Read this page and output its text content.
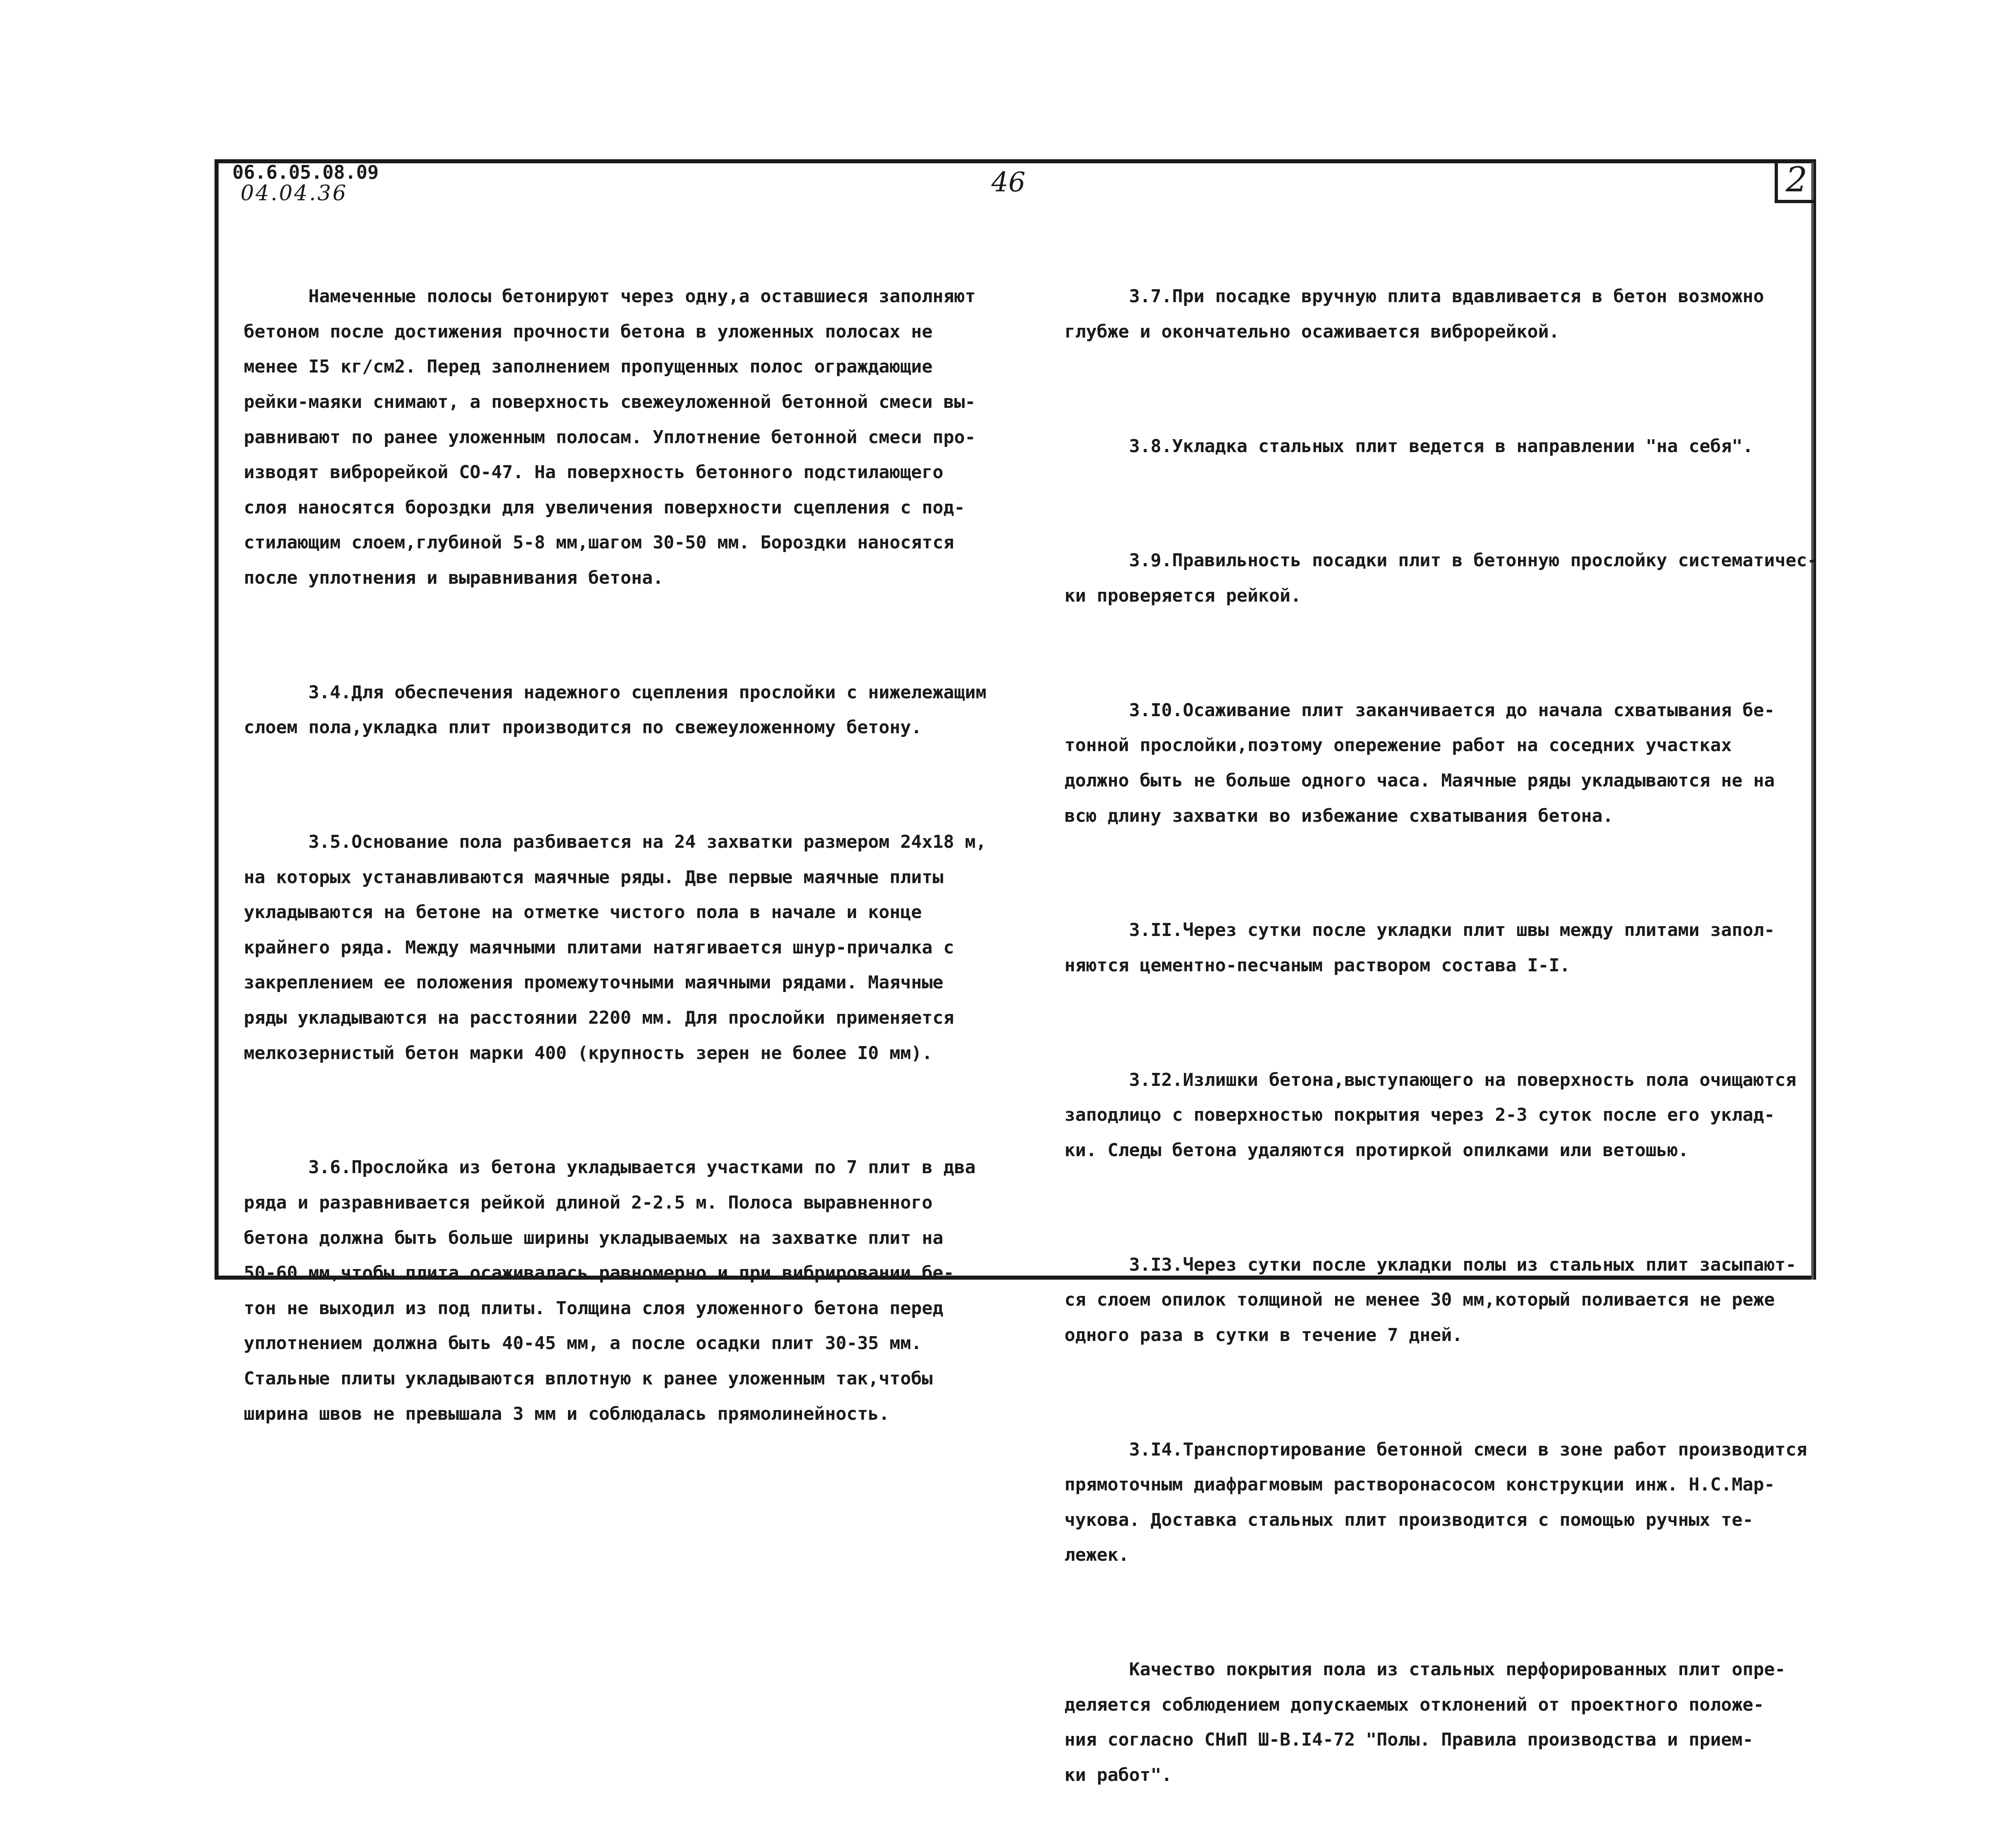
06.6.05.08.09
04.04.36	46	2

Намеченные полосы бетонируют через одну,а оставшиеся заполняют
бетоном после достижения прочности бетона в уложенных полосах не
менее I5 кг/см2. Перед заполнением пропущенных полос ограждающие
рейки-маяки снимают, а поверхность свежеуложенной бетонной смеси вы-
равнивают по ранее уложенным полосам. Уплотнение бетонной смеси про-
изводят виброрейкой СО-47. На поверхность бетонного подстилающего
слоя наносятся бороздки для увеличения поверхности сцепления с под-
стилающим слоем,глубиной 5-8 мм,шагом 30-50 мм. Бороздки наносятся
после уплотнения и выравнивания бетона.

3.4.Для обеспечения надежного сцепления прослойки с нижележащим
слоем пола,укладка плит производится по свежеуложенному бетону.

3.5.Основание пола разбивается на 24 захватки размером 24х18 м,
на которых устанавливаются маячные ряды. Две первые маячные плиты
укладываются на бетоне на отметке чистого пола в начале и конце
крайнего ряда. Между маячными плитами натягивается шнур-причалка с
закреплением ее положения промежуточными маячными рядами. Маячные
ряды укладываются на расстоянии 2200 мм. Для прослойки применяется
мелкозернистый бетон марки 400 (крупность зерен не более I0 мм).

3.6.Прослойка из бетона укладывается участками по 7 плит в два
ряда и разравнивается рейкой длиной 2-2.5 м. Полоса выравненного
бетона должна быть больше ширины укладываемых на захватке плит на
50-60 мм,чтобы плита осаживалась равномерно и при вибрировании бе-
тон не выходил из под плиты. Толщина слоя уложенного бетона перед
уплотнением должна быть 40-45 мм, а после осадки плит 30-35 мм.
Стальные плиты укладываются вплотную к ранее уложенным так,чтобы
ширина швов не превышала 3 мм и соблюдалась прямолинейность.

3.7.При посадке вручную плита вдавливается в бетон возможно
глубже и окончательно осаживается виброрейкой.

3.8.Укладка стальных плит ведется в направлении "на себя".

3.9.Правильность посадки плит в бетонную прослойку систематичес-
ки проверяется рейкой.

3.I0.Осаживание плит заканчивается до начала схватывания бе-
тонной прослойки,поэтому опережение работ на соседних участках
должно быть не больше одного часа. Маячные ряды укладываются не на
всю длину захватки во избежание схватывания бетона.

3.II.Через сутки после укладки плит швы между плитами запол-
няются цементно-песчаным раствором состава I-I.

3.I2.Излишки бетона,выступающего на поверхность пола очищаются
заподлицо с поверхностью покрытия через 2-3 суток после его уклад-
ки. Следы бетона удаляются протиркой опилками или ветошью.

3.I3.Через сутки после укладки полы из стальных плит засыпают-
ся слоем опилок толщиной не менее 30 мм,который поливается не реже
одного раза в сутки в течение 7 дней.

3.I4.Транспортирование бетонной смеси в зоне работ производится
прямоточным диафрагмовым растворонасосом конструкции инж. Н.С.Мар-
чукова. Доставка стальных плит производится с помощью ручных те-
лежек.

Качество покрытия пола из стальных перфорированных плит опре-
деляется соблюдением допускаемых отклонений от проектного положе-
ния согласно СНиП Ш-В.I4-72 "Полы. Правила производства и прием-
ки работ".
